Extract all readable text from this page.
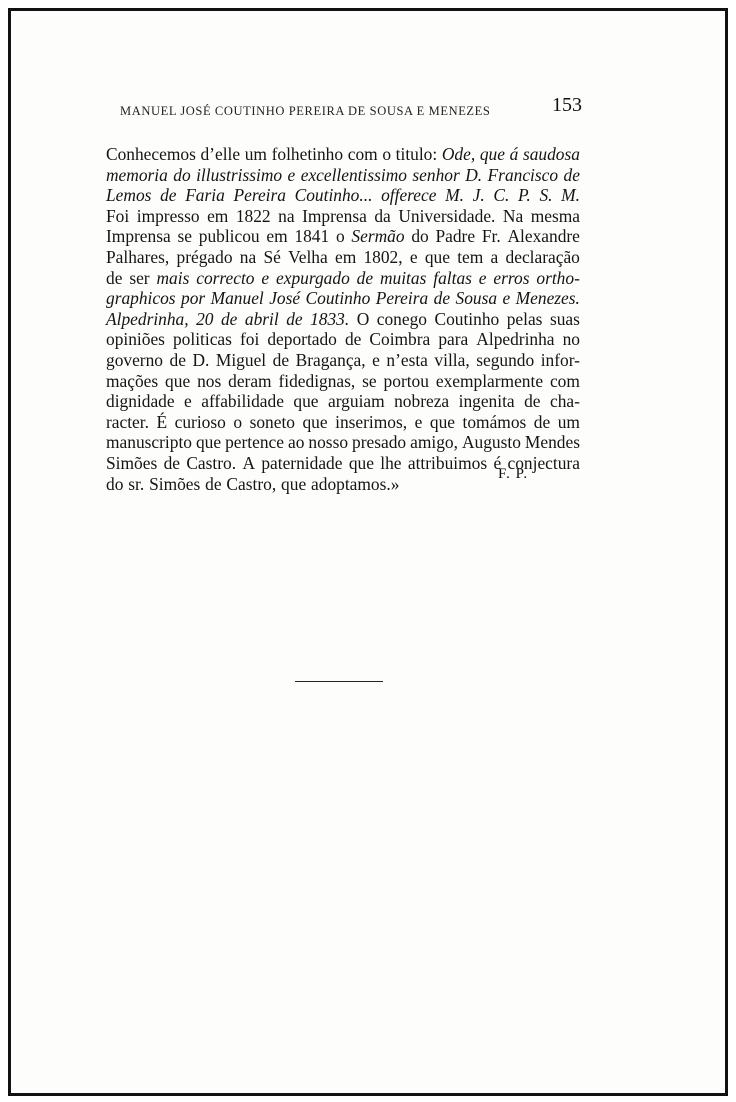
MANUEL JOSÉ COUTINHO PEREIRA DE SOUSA E MENEZES	153
Conhecemos d’elle um folhetinho com o titulo: Ode, que á saudosa
memoria do illustrissimo e excellentissimo senhor D. Francisco de
Lemos de Faria Pereira Coutinho... offerece M. J. C. P. S. M.
Foi impresso em 1822 na Imprensa da Universidade. Na mesma
Imprensa se publicou em 1841 o Sermão do Padre Fr. Alexandre
Palhares, prégado na Sé Velha em 1802, e que tem a declaração
de ser mais correcto e expurgado de muitas faltas e erros ortho-
graphicos por Manuel José Coutinho Pereira de Sousa e Menezes.
Alpedrinha, 20 de abril de 1833. O conego Coutinho pelas suas
opiniões politicas foi deportado de Coimbra para Alpedrinha no
governo de D. Miguel de Bragança, e n’esta villa, segundo infor-
mações que nos deram fidedignas, se portou exemplarmente com
dignidade e affabilidade que arguiam nobreza ingenita de cha-
racter. É curioso o soneto que inserimos, e que tomámos de um
manuscripto que pertence ao nosso presado amigo, Augusto Mendes
Simões de Castro. A paternidade que lhe attribuimos é conjectura
do sr. Simões de Castro, que adoptamos.»	F. P.
